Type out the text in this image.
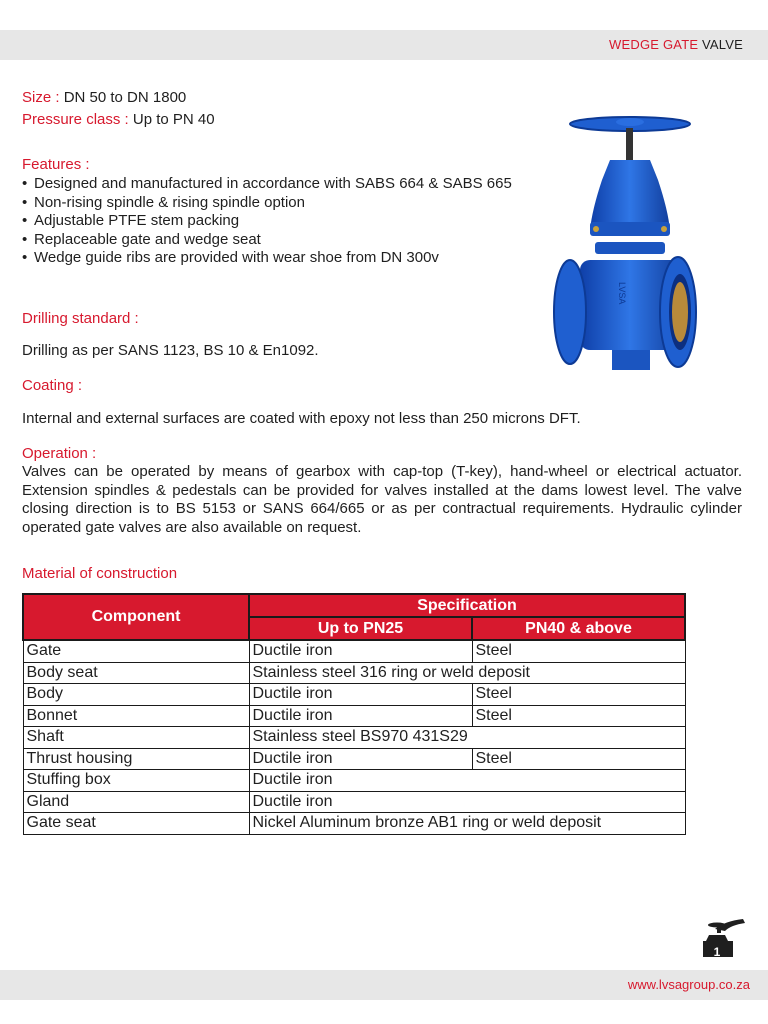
WEDGE GATE VALVE
Size : DN 50 to DN 1800
Pressure class : Up to PN 40
Features :
• Designed and manufactured in accordance with SABS 664 & SABS 665
• Non-rising spindle & rising spindle option
• Adjustable PTFE stem packing
• Replaceable gate and wedge seat
• Wedge guide ribs are provided with wear shoe from DN 300v
Drilling standard :
Drilling as per SANS 1123, BS 10 & En1092.
Coating :
Internal and external surfaces are coated with epoxy not less than 250 microns DFT.
Operation :
Valves can be operated by means of gearbox with cap-top (T-key), hand-wheel or electrical actuator. Extension spindles & pedestals can be provided for valves installed at the dams lowest level. The valve closing direction is to BS 5153 or SANS 664/665 or as per contractual requirements. Hydraulic cylinder operated gate valves are also available on request.
Material of construction
LVSA
Component	Specification	
	Up to PN25	PN40 & above
Gate	Ductile iron	Steel
Body seat	Stainless steel 316 ring or weld deposit	
Body	Ductile iron	Steel
Bonnet	Ductile iron	Steel
Shaft	Stainless steel BS970 431S29	
Thrust housing	Ductile iron	Steel
Stuffing box	Ductile iron	
Gland	Ductile iron	
Gate seat	Nickel Aluminum bronze AB1 ring or weld deposit	
1
www.lvsagroup.co.za
